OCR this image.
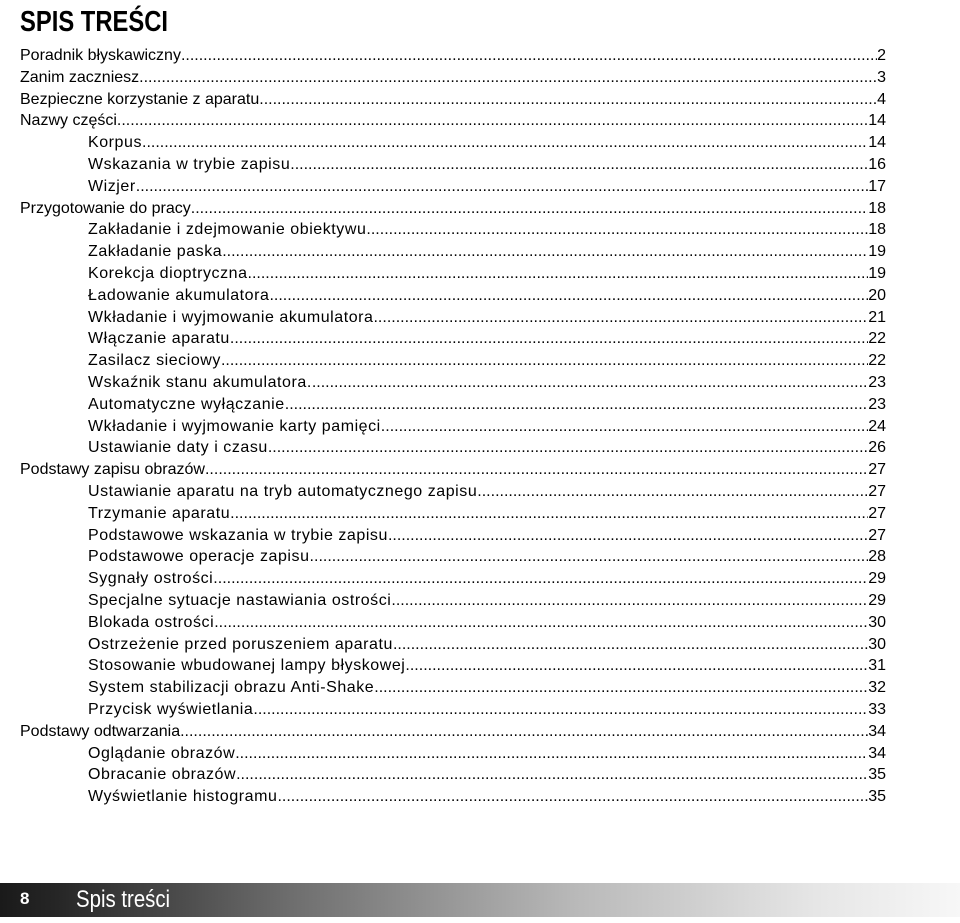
SPIS TREŚCI
Poradnik błyskawiczny .....	2
Zanim zaczniesz. .....	3
Bezpieczne korzystanie z aparatu .....	4
Nazwy części .....	14
Korpus .....	14
Wskazania w trybie zapisu .....	16
Wizjer .....	17
Przygotowanie do pracy .....	18
Zakładanie i zdejmowanie obiektywu .....	18
Zakładanie paska .....	19
Korekcja dioptryczna .....	19
Ładowanie akumulatora .....	20
Wkładanie i wyjmowanie akumulatora .....	21
Włączanie aparatu .....	22
Zasilacz sieciowy .....	22
Wskaźnik stanu akumulatora. .....	23
Automatyczne wyłączanie .....	23
Wkładanie i wyjmowanie karty pamięci .....	24
Ustawianie daty i czasu .....	26
Podstawy zapisu obrazów .....	27
Ustawianie aparatu na tryb automatycznego zapisu .....	27
Trzymanie aparatu .....	27
Podstawowe wskazania w trybie zapisu .....	27
Podstawowe operacje zapisu .....	28
Sygnały ostrości .....	29
Specjalne sytuacje nastawiania ostrości .....	29
Blokada ostrości .....	30
Ostrzeżenie przed poruszeniem aparatu .....	30
Stosowanie wbudowanej lampy błyskowej .....	31
System stabilizacji obrazu Anti-Shake .....	32
Przycisk wyświetlania .....	33
Podstawy odtwarzania .....	34
Oglądanie obrazów .....	34
Obracanie obrazów .....	35
Wyświetlanie histogramu .....	35
8 Spis treści
